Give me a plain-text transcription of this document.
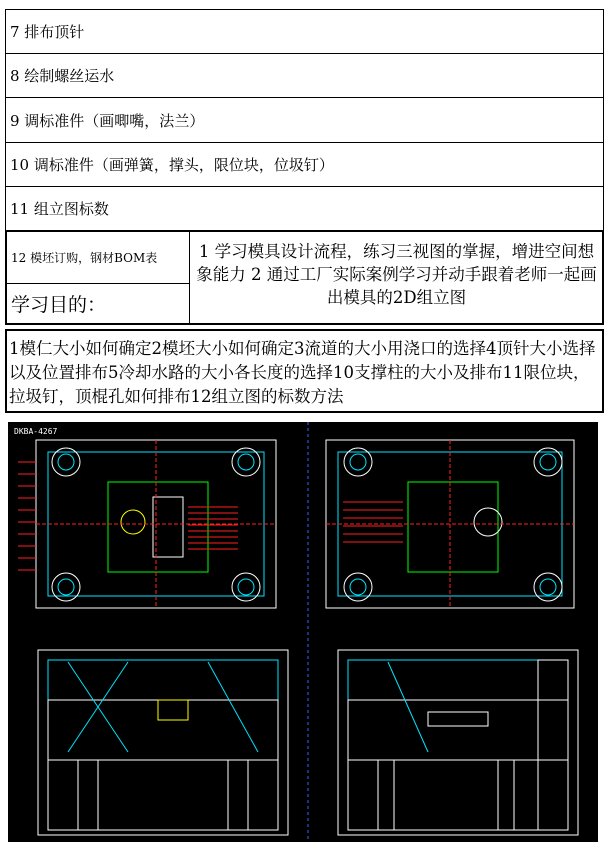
7 排布顶针
8 绘制螺丝运水
9 调标准件（画唧嘴，法兰）
10 调标准件（画弹簧，撑头，限位块，位圾钉）
11 组立图标数
12 模坯订购，钢材BOM表
学习目的：
1 学习模具设计流程，练习三视图的掌握，增进空间想象能力 2 通过工厂实际案例学习并动手跟着老师一起画出模具的2D组立图
1模仁大小如何确定2模坯大小如何确定3流道的大小用浇口的选择4顶针大小选择以及位置排布5冷却水路的大小各长度的选择10支撑柱的大小及排布11限位块，拉圾钉，顶棍孔如何排布12组立图的标数方法
DKBA-4267
